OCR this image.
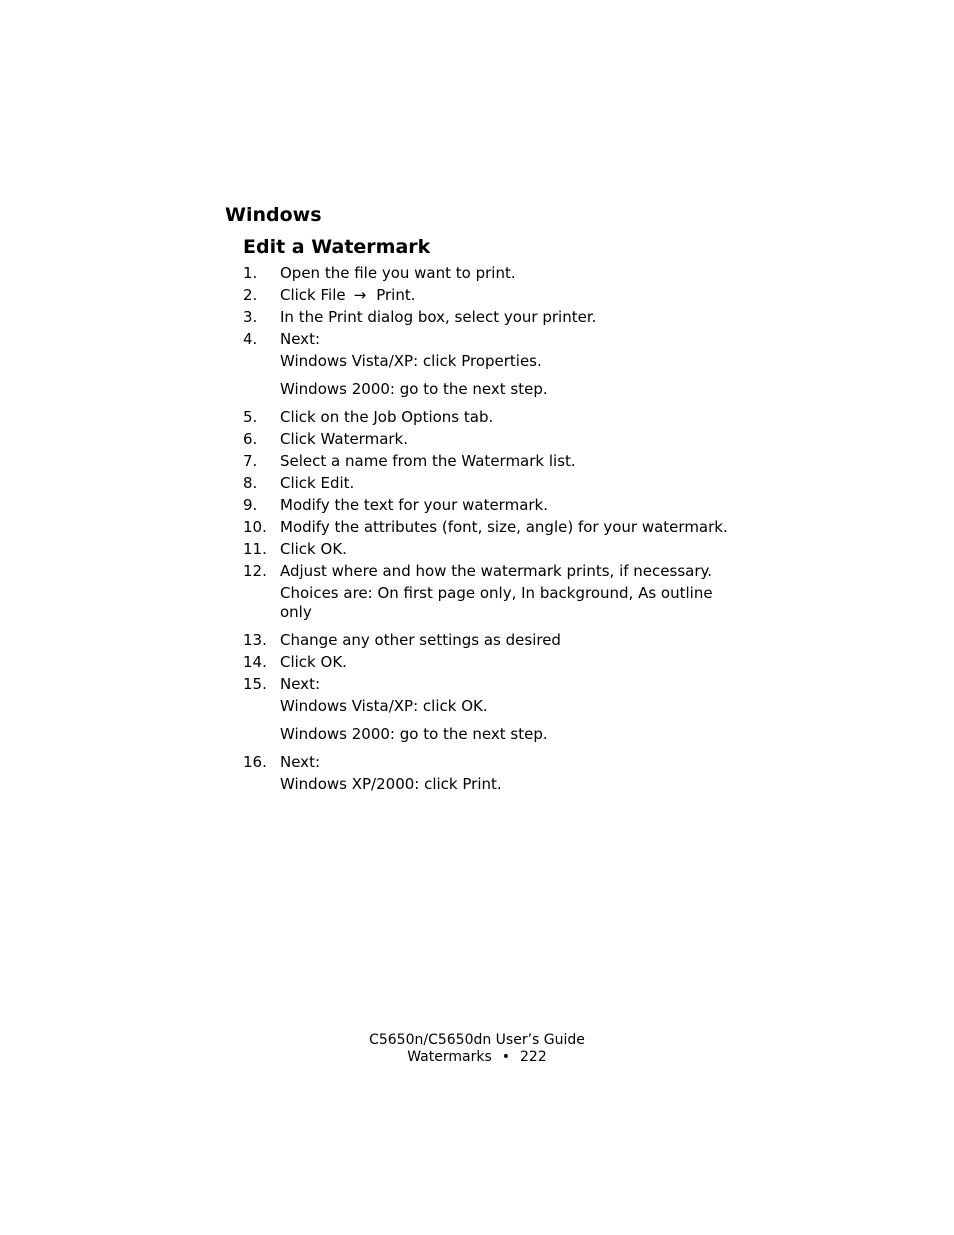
Windows
Edit a Watermark
1.	Open the file you want to print.
2.	Click File → Print.
3.	In the Print dialog box, select your printer.
4.	Next:
Windows Vista/XP: click Properties.
Windows 2000: go to the next step.
5.	Click on the Job Options tab.
6.	Click Watermark.
7.	Select a name from the Watermark list.
8.	Click Edit.
9.	Modify the text for your watermark.
10. Modify the attributes (font, size, angle) for your watermark.
11. Click OK.
12. Adjust where and how the watermark prints, if necessary.
Choices are: On first page only, In background, As outline only
13. Change any other settings as desired
14. Click OK.
15. Next:
Windows Vista/XP: click OK.
Windows 2000: go to the next step.
16. Next:
Windows XP/2000: click Print.
C5650n/C5650dn User’s Guide
Watermarks • 222
